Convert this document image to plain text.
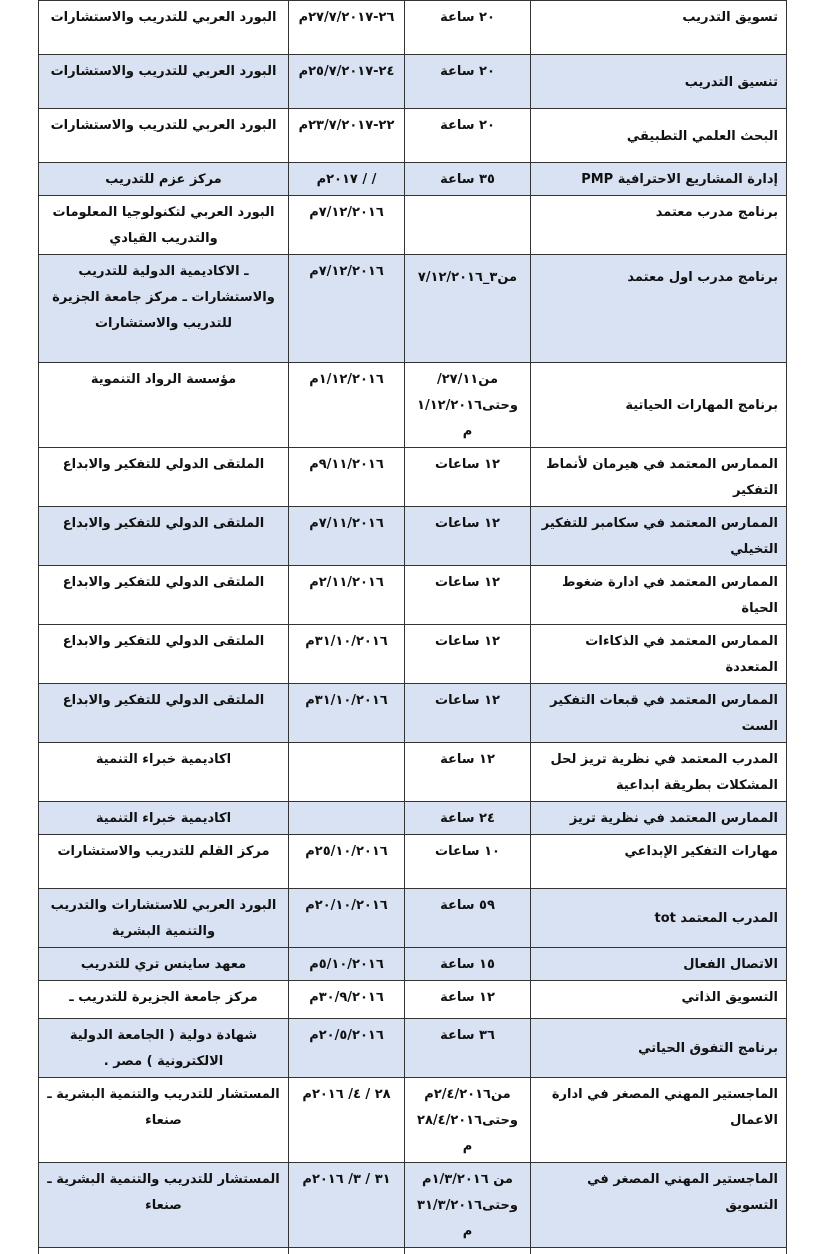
تسويق التدريب	٢٠ ساعة	٢٦-٢٧/٧/٢٠١٧م	البورد العربي للتدريب والاستشارات
تنسيق التدريب	٢٠ ساعة	٢٤-٢٥/٧/٢٠١٧م	البورد العربي للتدريب والاستشارات
البحث العلمي التطبيقي	٢٠ ساعة	٢٢-٢٣/٧/٢٠١٧م	البورد العربي للتدريب والاستشارات
إدارة المشاريع الاحترافية PMP	٣٥ ساعة	/ / ٢٠١٧م	مركز عزم للتدريب
برنامج مدرب معتمد		٧/١٢/٢٠١٦م	البورد العربي لتكنولوجيا المعلومات والتدريب القيادي
برنامج مدرب اول معتمد	من٣_٧/١٢/٢٠١٦	٧/١٢/٢٠١٦م	ـ الاكاديمية الدولية للتدريب والاستشارات ـ مركز جامعة الجزيرة للتدريب والاستشارات
برنامج المهارات الحياتية	من٢٧/١١/ وحتى١/١٢/٢٠١٦م	١/١٢/٢٠١٦م	مؤسسة الرواد التنموية
الممارس المعتمد في هيرمان لأنماط التفكير	١٢ ساعات	٩/١١/٢٠١٦م	الملتقى الدولي للتفكير والابداع
الممارس المعتمد في سكامبر للتفكير التخيلي	١٢ ساعات	٧/١١/٢٠١٦م	الملتقى الدولي للتفكير والابداع
الممارس المعتمد في ادارة ضغوط الحياة	١٢ ساعات	٢/١١/٢٠١٦م	الملتقى الدولي للتفكير والابداع
الممارس المعتمد في الذكاءات المتعددة	١٢ ساعات	٣١/١٠/٢٠١٦م	الملتقى الدولي للتفكير والابداع
الممارس المعتمد في قبعات التفكير الست	١٢ ساعات	٣١/١٠/٢٠١٦م	الملتقى الدولي للتفكير والابداع
المدرب المعتمد في نظرية تريز لحل المشكلات بطريقة ابداعية	١٢ ساعة		اكاديمية خبراء التنمية
الممارس المعتمد في نظرية تريز	٢٤ ساعة		اكاديمية خبراء التنمية
مهارات التفكير الإبداعي	١٠ ساعات	٢٥/١٠/٢٠١٦م	مركز القلم للتدريب والاستشارات
المدرب المعتمد tot	٥٩ ساعة	٢٠/١٠/٢٠١٦م	البورد العربي للاستشارات والتدريب والتنمية البشرية
الاتصال الفعال	١٥ ساعة	٥/١٠/٢٠١٦م	معهد ساينس تري للتدريب
التسويق الذاتي	١٢ ساعة	٣٠/٩/٢٠١٦م	مركز جامعة الجزيرة للتدريب ـ
برنامج التفوق الحياتي	٣٦ ساعة	٢٠/٥/٢٠١٦م	شهادة دولية ( الجامعة الدولية الالكترونية ) مصر .
الماجستير المهني المصغر في ادارة الاعمال	من٢/٤/٢٠١٦م وحتى٢٨/٤/٢٠١٦م	٢٨ / ٤/ ٢٠١٦م	المستشار للتدريب والتنمية البشرية ـ صنعاء
الماجستير المهني المصغر في التسويق	من ١/٣/٢٠١٦م وحتى٣١/٣/٢٠١٦م	٣١ / ٣/ ٢٠١٦م	المستشار للتدريب والتنمية البشرية ـ صنعاء
